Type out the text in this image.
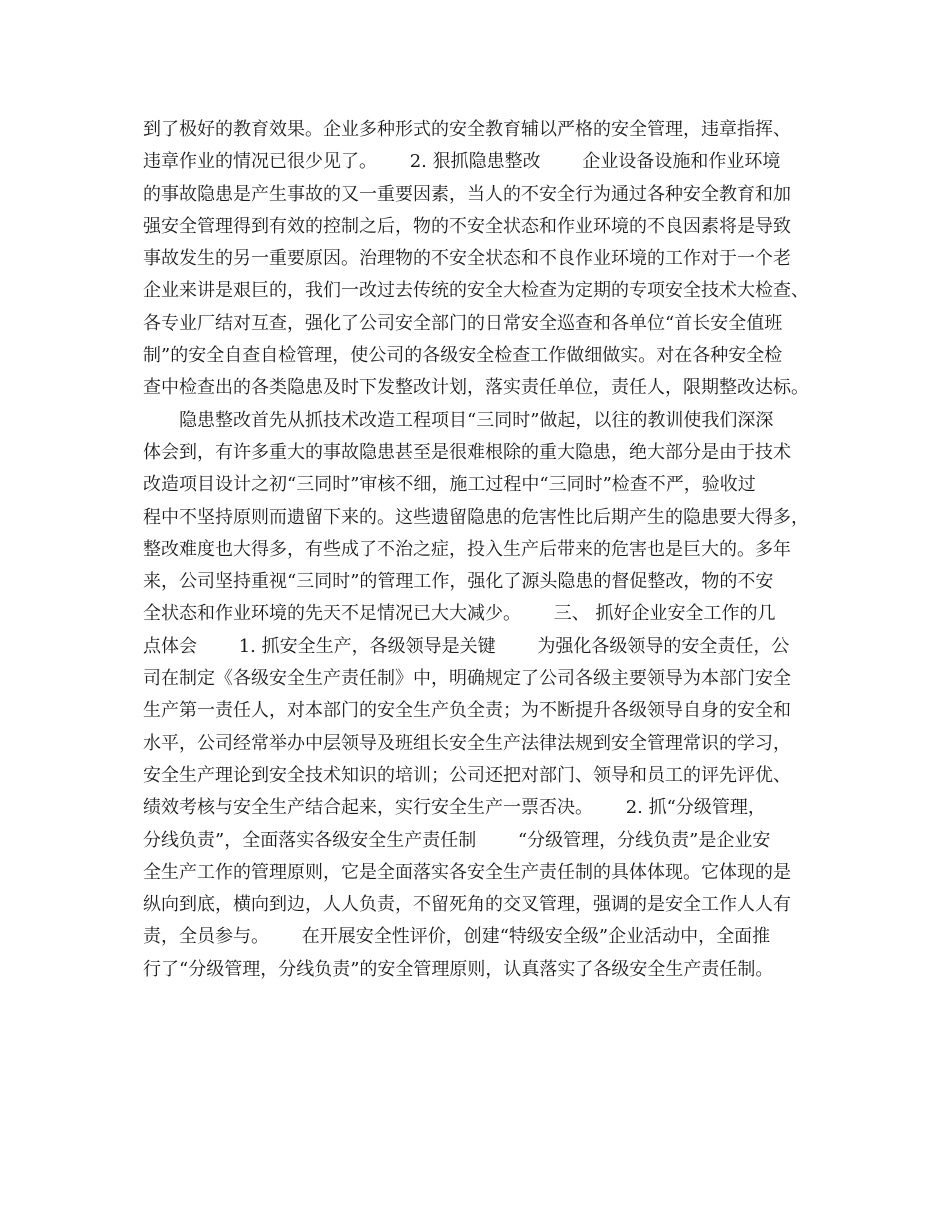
到了极好的教育效果。企业多种形式的安全教育辅以严格的安全管理，违章指挥、
违章作业的情况已很少见了。　　 2. 狠抓隐患整改　　 企业设备设施和作业环境
的事故隐患是产生事故的又一重要因素，当人的不安全行为通过各种安全教育和加
强安全管理得到有效的控制之后，物的不安全状态和作业环境的不良因素将是导致
事故发生的另一重要原因。治理物的不安全状态和不良作业环境的工作对于一个老
企业来讲是艰巨的，我们一改过去传统的安全大检查为定期的专项安全技术大检查、
各专业厂结对互查，强化了公司安全部门的日常安全巡查和各单位“首长安全值班
制”的安全自查自检管理，使公司的各级安全检查工作做细做实。对在各种安全检
查中检查出的各类隐患及时下发整改计划，落实责任单位，责任人，限期整改达标。
　　隐患整改首先从抓技术改造工程项目“三同时”做起，以往的教训使我们深深
体会到，有许多重大的事故隐患甚至是很难根除的重大隐患，绝大部分是由于技术
改造项目设计之初“三同时”审核不细，施工过程中“三同时”检查不严，验收过
程中不坚持原则而遗留下来的。这些遗留隐患的危害性比后期产生的隐患要大得多，
整改难度也大得多，有些成了不治之症，投入生产后带来的危害也是巨大的。多年
来，公司坚持重视“三同时”的管理工作，强化了源头隐患的督促整改，物的不安
全状态和作业环境的先天不足情况已大大减少。　　 三、 抓好企业安全工作的几
点体会　　 1. 抓安全生产，各级领导是关键　　 为强化各级领导的安全责任，公
司在制定《各级安全生产责任制》中，明确规定了公司各级主要领导为本部门安全
生产第一责任人，对本部门的安全生产负全责；为不断提升各级领导自身的安全和
水平，公司经常举办中层领导及班组长安全生产法律法规到安全管理常识的学习，
安全生产理论到安全技术知识的培训；公司还把对部门、领导和员工的评先评优、
绩效考核与安全生产结合起来，实行安全生产一票否决。　　 2. 抓“分级管理，
分线负责”，全面落实各级安全生产责任制　　 “分级管理，分线负责”是企业安
全生产工作的管理原则，它是全面落实各安全生产责任制的具体体现。它体现的是
纵向到底，横向到边，人人负责，不留死角的交叉管理，强调的是安全工作人人有
责，全员参与。　　 在开展安全性评价，创建“特级安全级”企业活动中，全面推
行了“分级管理，分线负责”的安全管理原则，认真落实了各级安全生产责任制。
